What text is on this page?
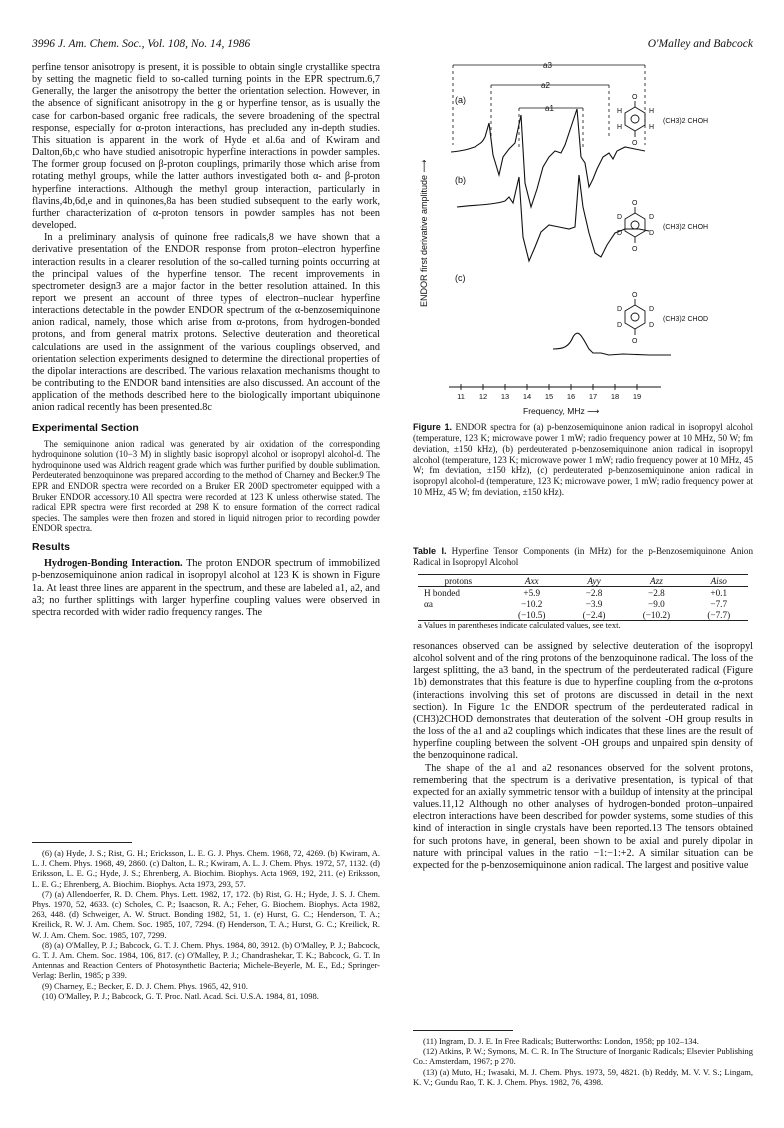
3996 J. Am. Chem. Soc., Vol. 108, No. 14, 1986	O'Malley and Babcock

perfine tensor anisotropy is present, it is possible to obtain single crystallike spectra by setting the magnetic field to so-called turning points in the EPR spectrum.6,7 Generally, the larger the anisotropy the better the orientation selection. However, in the absence of significant anisotropy in the g or hyperfine tensor, as is usually the case for carbon-based organic free radicals, the severe broadening of the spectral response, especially for α-proton interactions, has precluded any in-depth studies. This situation is apparent in the work of Hyde et al.6a and of Kwiram and Dalton,6b,c who have studied anisotropic hyperfine interactions in powder samples. The former group focused on β-proton couplings, primarily those which arise from rotating methyl groups, while the latter authors investigated both α- and β-proton hyperfine interactions. Although the methyl group interaction, particularly in flavins,4b,6d,e and in quinones,8a has been studied subsequent to the early work, further characterization of α-proton tensors in powder samples has not been developed.

In a preliminary analysis of quinone free radicals,8 we have shown that a derivative presentation of the ENDOR response from proton–electron hyperfine interaction results in a clearer resolution of the so-called turning points occurring at the principal values of the hyperfine tensor. The recent improvements in spectrometer design3 are a major factor in the better resolution attained. In this report we present an account of three types of electron–nuclear hyperfine interactions detectable in the powder ENDOR spectrum of the α-benzosemiquinone anion radical, namely, those which arise from α-protons, from hydrogen-bonded protons, and from general matrix protons. Selective deuteration and theoretical calculations are used in the assignment of the various couplings observed, and orientation selection experiments designed to determine the directional properties of the dipolar interactions are described. The various relaxation mechanisms thought to be contributing to the ENDOR band intensities are also discussed. An account of the application of the methods described here to the biologically important ubiquinone anion radical recently has been presented.8c

Experimental Section

The semiquinone anion radical was generated by air oxidation of the corresponding hydroquinone solution (10−3 M) in slightly basic isopropyl alcohol or isopropyl alcohol-d. The hydroquinone used was Aldrich reagent grade which was further purified by double sublimation. Perdeuterated benzoquinone was prepared according to the method of Charney and Becker.9 The EPR and ENDOR spectra were recorded on a Bruker ER 200D spectrometer equipped with a Bruker ENDOR accessory.10 All spectra were recorded at 123 K unless otherwise stated. The radical EPR spectra were first recorded at 298 K to ensure formation of the correct radical species. The samples were then frozen and stored in liquid nitrogen prior to recording powder ENDOR spectra.

Results

Hydrogen-Bonding Interaction. The proton ENDOR spectrum of immobilized p-benzosemiquinone anion radical in isopropyl alcohol at 123 K is shown in Figure 1a. At least three lines are apparent in the spectrum, and these are labeled a1, a2, and a3; no further splittings with larger hyperfine coupling values were observed in spectra recorded with wider radio frequency ranges. The

(6) (a) Hyde, J. S.; Rist, G. H.; Ericksson, L. E. G. J. Phys. Chem. 1968, 72, 4269. (b) Kwiram, A. L. J. Chem. Phys. 1968, 49, 2860. (c) Dalton, L. R.; Kwiram, A. L. J. Chem. Phys. 1972, 57, 1132. (d) Eriksson, L. E. G.; Hyde, J. S.; Ehrenberg, A. Biochim. Biophys. Acta 1969, 192, 211. (e) Eriksson, L. E. G.; Ehrenberg, A. Biochim. Biophys. Acta 1973, 293, 57.

(7) (a) Allendoerfer, R. D. Chem. Phys. Lett. 1982, 17, 172. (b) Rist, G. H.; Hyde, J. S. J. Chem. Phys. 1970, 52, 4633. (c) Scholes, C. P.; Isaacson, R. A.; Feher, G. Biochem. Biophys. Acta 1982, 263, 448. (d) Schweiger, A. W. Struct. Bonding 1982, 51, 1. (e) Hurst, G. C.; Henderson, T. A.; Kreilick, R. W. J. Am. Chem. Soc. 1985, 107, 7294. (f) Henderson, T. A.; Hurst, G. C.; Kreilick, R. W. J. Am. Chem. Soc. 1985, 107, 7299.

(8) (a) O'Malley, P. J.; Babcock, G. T. J. Chem. Phys. 1984, 80, 3912. (b) O'Malley, P. J.; Babcock, G. T. J. Am. Chem. Soc. 1984, 106, 817. (c) O'Malley, P. J.; Chandrashekar, T. K.; Babcock, G. T. In Antennas and Reaction Centers of Photosynthetic Bacteria; Michele-Beyerle, M. E., Ed.; Springer-Verlag: Berlin, 1985; p 339.

(9) Charney, E.; Becker, E. D. J. Chem. Phys. 1965, 42, 910.

(10) O'Malley, P. J.; Babcock, G. T. Proc. Natl. Acad. Sci. U.S.A. 1984, 81, 1098.

ENDOR first derivative amplitude ⟶
a3
a2
a1
(a)
(b)
(c)
O
O
H
H
H
H
(CH3)2 CHOH
O
O
D
D
D
D
(CH3)2 CHOH
O
O
D
D
D
D
(CH3)2 CHOD
11 12 13 14 15 16 17 18 19
Frequency, MHz ⟶
Figure 1. ENDOR spectra for (a) p-benzosemiquinone anion radical in isopropyl alcohol (temperature, 123 K; microwave power 1 mW; radio frequency power at 10 MHz, 50 W; fm deviation, ±150 kHz), (b) perdeuterated p-benzosemiquinone anion radical in isopropyl alcohol (temperature, 123 K; microwave power 1 mW; radio frequency power at 10 MHz, 45 W; fm deviation, ±150 kHz), (c) perdeuterated p-benzosemiquinone anion radical in isopropyl alcohol-d (temperature, 123 K; microwave power, 1 mW; radio frequency power at 10 MHz, 45 W; fm deviation, ±150 kHz).
Table I. Hyperfine Tensor Components (in MHz) for the p-Benzosemiquinone Anion Radical in Isopropyl Alcohol
protons	Axx	Ayy	Azz	Aiso
H bonded	+5.9	−2.8	−2.8	+0.1
αa	−10.2	−3.9	−9.0	−7.7
	(−10.5)	(−2.4)	(−10.2)	(−7.7)
a Values in parentheses indicate calculated values, see text.

resonances observed can be assigned by selective deuteration of the isopropyl alcohol solvent and of the ring protons of the benzoquinone radical. The loss of the largest splitting, the a3 band, in the spectrum of the perdeuterated radical (Figure 1b) demonstrates that this feature is due to hyperfine coupling from the α-protons (interactions involving this set of protons are discussed in detail in the next section). In Figure 1c the ENDOR spectrum of the perdeuterated radical in (CH3)2CHOD demonstrates that deuteration of the solvent -OH group results in the loss of the a1 and a2 couplings which indicates that these lines are the result of hyperfine coupling between the solvent -OH groups and unpaired spin density of the benzoquinone radical.

The shape of the a1 and a2 resonances observed for the solvent protons, remembering that the spectrum is a derivative presentation, is typical of that expected for an axially symmetric tensor with a buildup of intensity at the principal values.11,12 Although no other analyses of hydrogen-bonded proton–unpaired electron interactions have been described for powder systems, some studies of this kind of interaction in single crystals have been reported.13 The tensors obtained for such protons have, in general, been shown to be axial and purely dipolar in nature with principal values in the ratio −1:−1:+2. A similar situation can be expected for the p-benzosemiquinone anion radical. The largest and positive value

(11) Ingram, D. J. E. In Free Radicals; Butterworths: London, 1958; pp 102–134.

(12) Atkins, P. W.; Symons, M. C. R. In The Structure of Inorganic Radicals; Elsevier Publishing Co.: Amsterdam, 1967; p 270.

(13) (a) Muto, H.; Iwasaki, M. J. Chem. Phys. 1973, 59, 4821. (b) Reddy, M. V. V. S.; Lingam, K. V.; Gundu Rao, T. K. J. Chem. Phys. 1982, 76, 4398.
